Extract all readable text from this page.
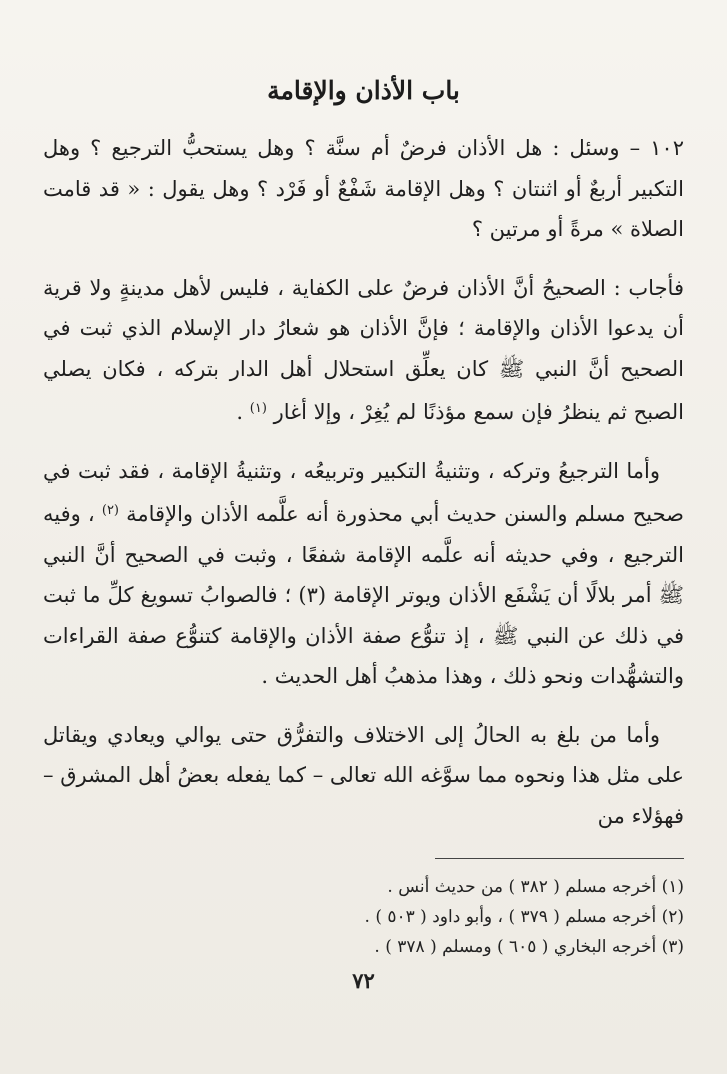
باب الأذان والإقامة

١٠٢ – وسئل : هل الأذان فرضٌ أم سنَّة ؟ وهل يستحبُّ الترجيع ؟ وهل التكبير أربعٌ أو اثنتان ؟ وهل الإقامة شَفْعٌ أو فَرْد ؟ وهل يقول : « قد قامت الصلاة » مرةً أو مرتين ؟

فأجاب : الصحيحُ أنَّ الأذان فرضٌ على الكفاية ، فليس لأهل مدينةٍ ولا قرية أن يدعوا الأذان والإقامة ؛ فإنَّ الأذان هو شعارُ دار الإسلام الذي ثبت في الصحيح أنَّ النبي ﷺ كان يعلِّق استحلال أهل الدار بتركه ، فكان يصلي الصبح ثم ينظرُ فإن سمع مؤذنًا لم يُغِرْ ، وإلا أغار $^{(١)}$ .

وأما الترجيعُ وتركه ، وتثنيةُ التكبير وتربيعُه ، وتثنيةُ الإقامة ، فقد ثبت في صحيح مسلم والسنن حديث أبي محذورة أنه علَّمه الأذان والإقامة $^{(٢)}$ ، وفيه الترجيع ، وفي حديثه أنه علَّمه الإقامة شفعًا ، وثبت في الصحيح أنَّ النبي ﷺ أمر بلالًا أن يَشْفَع الأذان ويوتر الإقامة (٣) ؛ فالصوابُ تسويغ كلِّ ما ثبت في ذلك عن النبي ﷺ ، إذ تنوُّع صفة الأذان والإقامة كتنوُّع صفة القراءات والتشهُّدات ونحو ذلك ، وهذا مذهبُ أهل الحديث .

وأما من بلغ به الحالُ إلى الاختلاف والتفرُّق حتى يوالي ويعادي ويقاتل على مثل هذا ونحوه مما سوَّغه الله تعالى – كما يفعله بعضُ أهل المشرق – فهؤلاء من

(١) أخرجه مسلم ( ٣٨٢ ) من حديث أنس .
(٢) أخرجه مسلم ( ٣٧٩ ) ، وأبو داود ( ٥٠٣ ) .
(٣) أخرجه البخاري ( ٦٠٥ ) ومسلم ( ٣٧٨ ) .
٧٢
